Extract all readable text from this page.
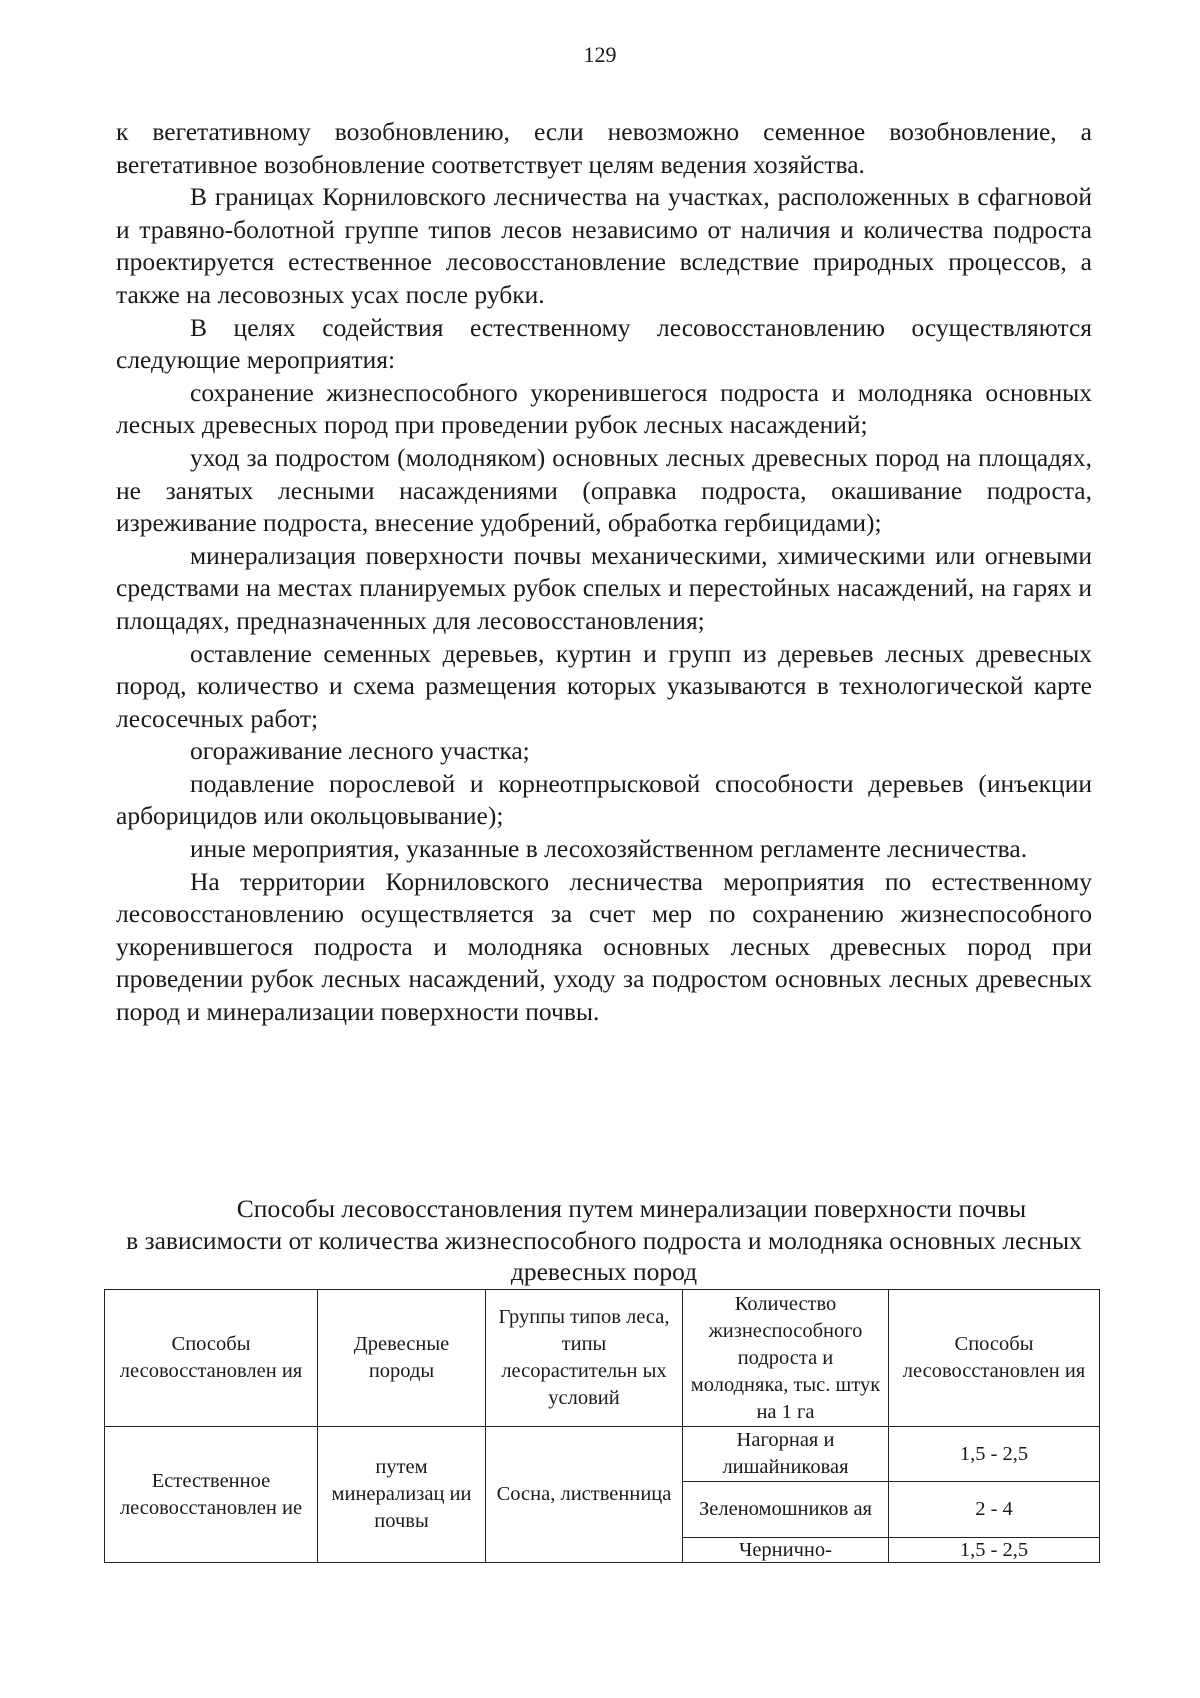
129

к вегетативному возобновлению, если невозможно семенное возобновление, а вегетативное возобновление соответствует целям ведения хозяйства.

В границах Корниловского лесничества на участках, расположенных в сфагновой и травяно-болотной группе типов лесов независимо от наличия и количества подроста проектируется естественное лесовосстановление вследствие природных процессов, а также на лесовозных усах после рубки.

В целях содействия естественному лесовосстановлению осуществляются следующие мероприятия:

сохранение жизнеспособного укоренившегося подроста и молодняка основных лесных древесных пород при проведении рубок лесных насаждений;

уход за подростом (молодняком) основных лесных древесных пород на площадях, не занятых лесными насаждениями (оправка подроста, окашивание подроста, изреживание подроста, внесение удобрений, обработка гербицидами);

минерализация поверхности почвы механическими, химическими или огневыми средствами на местах планируемых рубок спелых и перестойных насаждений, на гарях и площадях, предназначенных для лесовосстановления;

оставление семенных деревьев, куртин и групп из деревьев лесных древесных пород, количество и схема размещения которых указываются в технологической карте лесосечных работ;

огораживание лесного участка;

подавление порослевой и корнеотпрысковой способности деревьев (инъекции арборицидов или окольцовывание);

иные мероприятия, указанные в лесохозяйственном регламенте лесничества.

На территории Корниловского лесничества мероприятия по естественному лесовосстановлению осуществляется за счет мер по сохранению жизнеспособного укоренившегося подроста и молодняка основных лесных древесных пород при проведении рубок лесных насаждений, уходу за подростом основных лесных древесных пород и минерализации поверхности почвы.

Способы лесовосстановления путем минерализации поверхности почвы
в зависимости от количества жизнеспособного подроста и молодняка основных лесных древесных пород
Способы лесовосстановлен ия	Древесные породы	Группы типов леса, типы лесорастительн ых условий	Количество жизнеспособного подроста и молодняка, тыс. штук на 1 га	Способы лесовосстановлен ия
Естественное лесовосстановлен ие	путем минерализац ии почвы	Сосна, лиственница	Нагорная и лишайниковая	1,5 - 2,5
			Зеленомошников ая	2 - 4
			Чернично-	1,5 - 2,5
